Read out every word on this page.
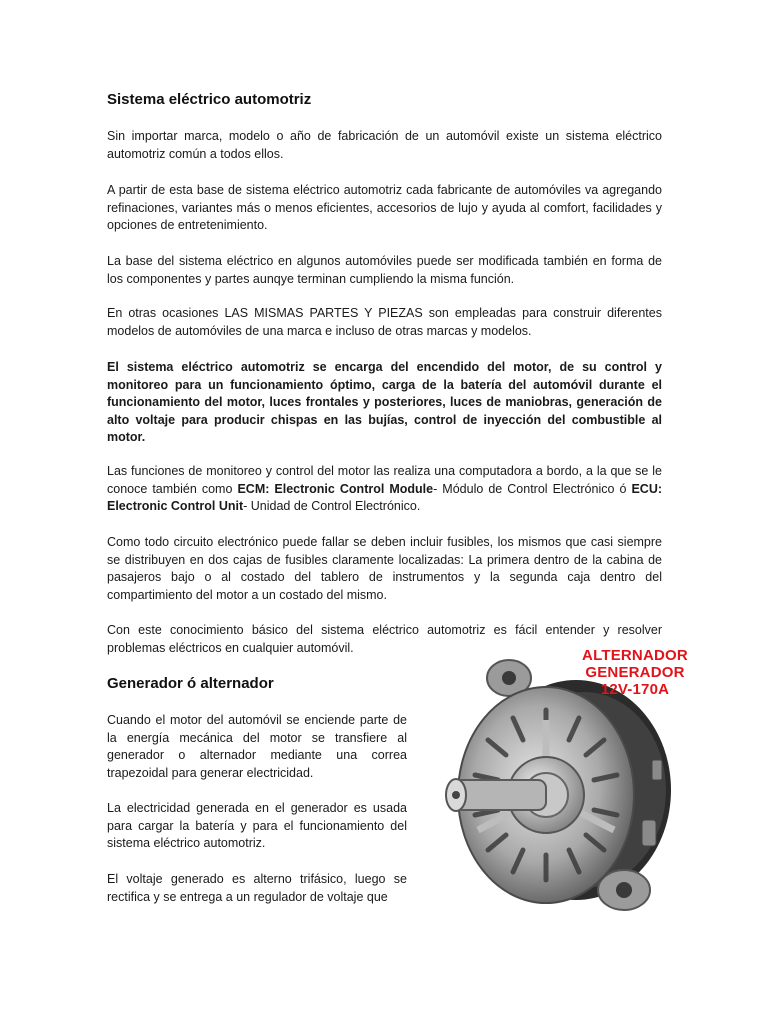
Sistema eléctrico automotriz

Sin importar marca, modelo o año de fabricación de un automóvil existe un sistema eléctrico automotriz común a todos ellos.

A partir de esta base de sistema eléctrico automotriz cada fabricante de automóviles va agregando refinaciones, variantes más o menos eficientes, accesorios de lujo y ayuda al comfort, facilidades y opciones de entretenimiento.

La base del sistema eléctrico en algunos automóviles puede ser modificada también en forma de los componentes y partes aunqye terminan cumpliendo la misma función.

En otras ocasiones LAS MISMAS PARTES Y PIEZAS son empleadas para construir diferentes modelos de automóviles de una marca e incluso de otras marcas y modelos.

El sistema eléctrico automotriz se encarga del encendido del motor, de su control y monitoreo para un funcionamiento óptimo, carga de la batería del automóvil durante el funcionamiento del motor, luces frontales y posteriores, luces de maniobras, generación de alto voltaje para producir chispas en las bujías, control de inyección del combustible al motor.

Las funciones de monitoreo y control del motor las realiza una computadora a bordo, a la que se le conoce también como ECM: Electronic Control Module- Módulo de Control Electrónico ó ECU: Electronic Control Unit- Unidad de Control Electrónico.

Como todo circuito electrónico puede fallar se deben incluir fusibles, los mismos que casi siempre se distribuyen en dos cajas de fusibles claramente localizadas: La primera dentro de la cabina de pasajeros bajo o al costado del tablero de instrumentos y la segunda caja dentro del compartimiento del motor a un costado del mismo.

Con este conocimiento básico del sistema eléctrico automotriz es fácil entender y resolver problemas eléctricos en cualquier automóvil.

Generador ó alternador

Cuando el motor del automóvil se enciende parte de la energía mecánica del motor se transfiere al generador o alternador mediante una correa trapezoidal para generar electricidad.

La electricidad generada en el generador es usada para cargar la batería y para el funcionamiento del sistema eléctrico automotriz.

El voltaje generado es alterno trifásico, luego se rectifica y se entrega a un regulador de voltaje que

ALTERNADOR
GENERADOR
12V-170A
